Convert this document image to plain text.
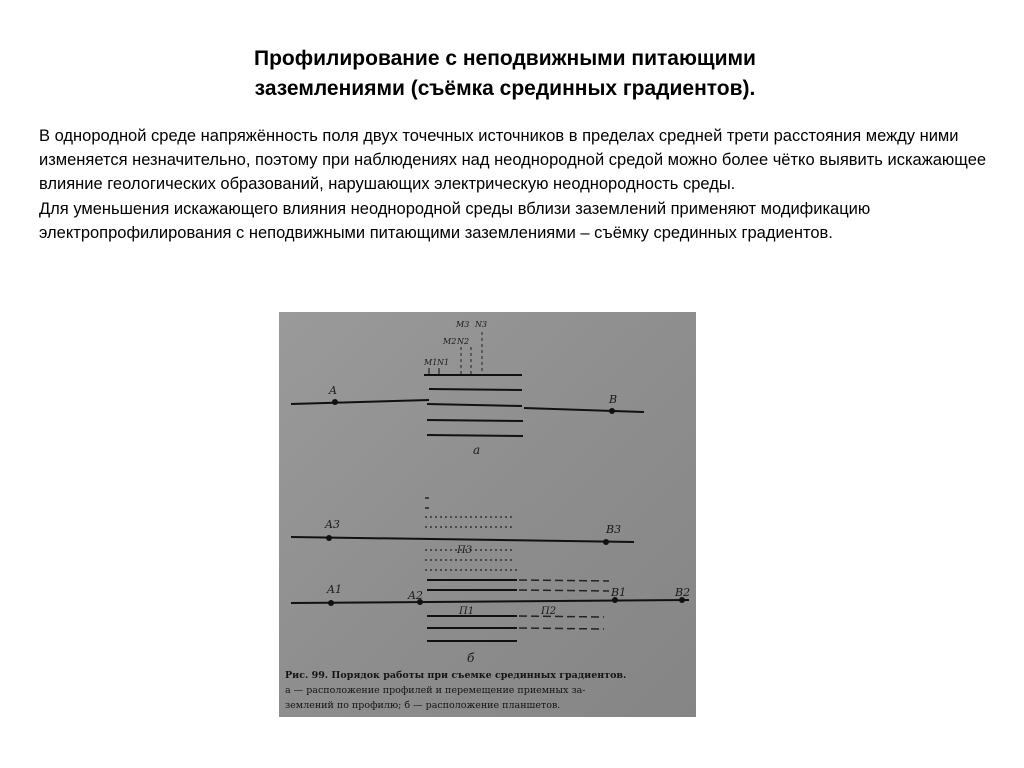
Профилирование с неподвижными питающими
заземлениями (съёмка срединных градиентов).
В однородной среде напряжённость поля двух точечных источников в пределах средней трети расстояния между ними изменяется незначительно, поэтому при наблюдениях над неоднородной средой можно более чётко выявить искажающее влияние геологических образований, нарушающих электрическую неоднородность среды.
Для уменьшения искажающего влияния неоднородной среды вблизи заземлений применяют модификацию электропрофилирования с неподвижными питающими заземлениями – съёмку срединных градиентов.
A
B
M1 N1
M2 N2
M3 N3
а
A3	B3
П3
A1	A2	B1	B2
П1	П2
б
Рис. 99. Порядок работы при съемке срединных градиентов.
а — расположение профилей и перемещение приемных за-
землений по профилю; б — расположение планшетов.
